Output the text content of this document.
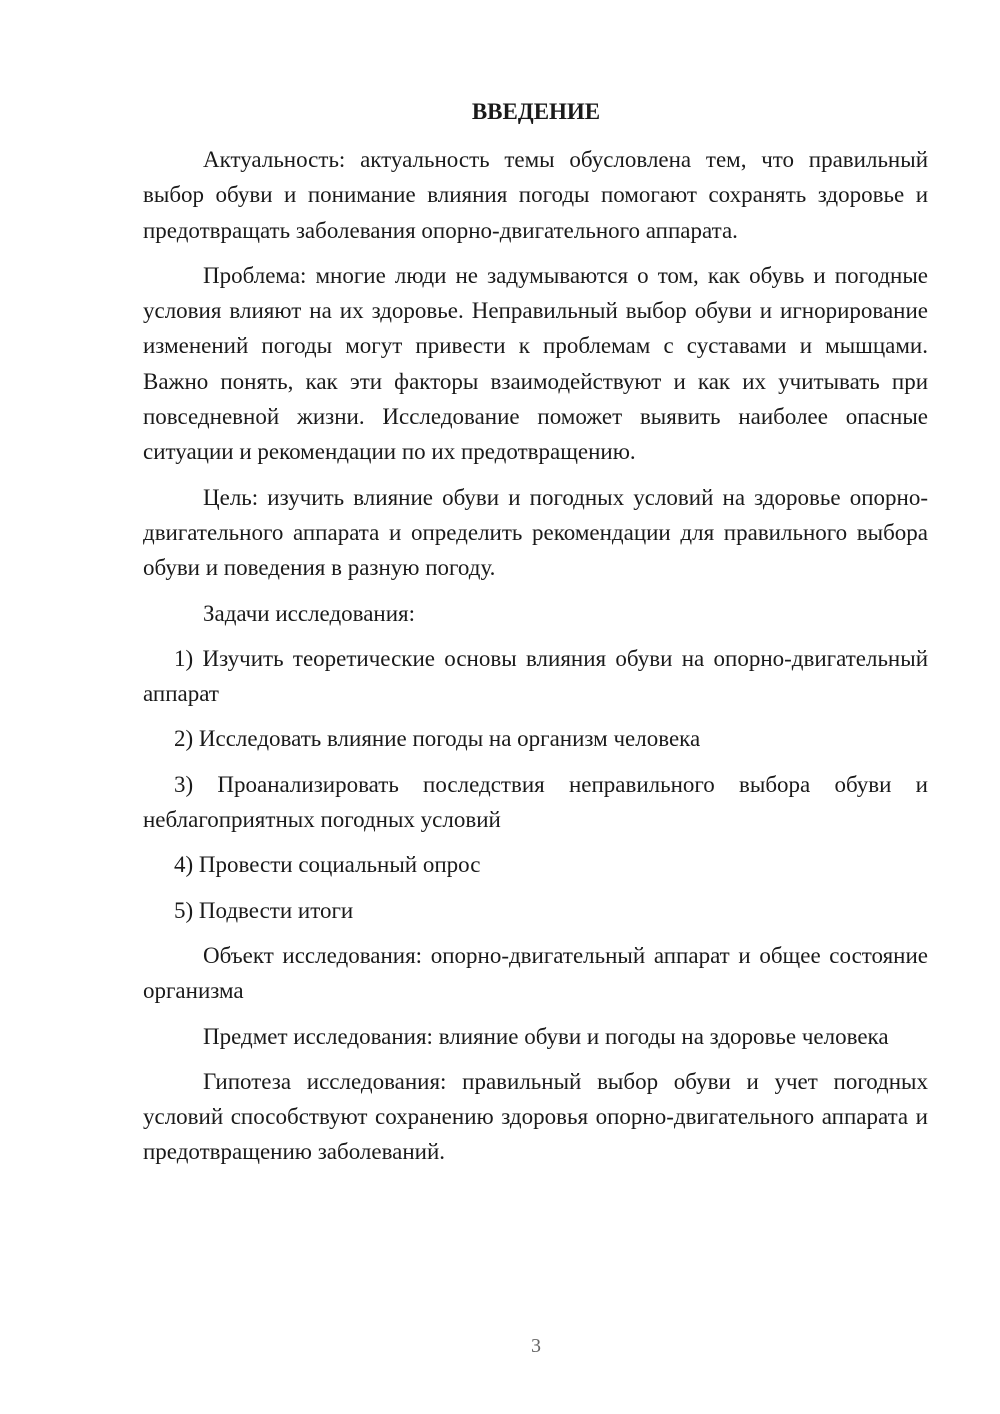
ВВЕДЕНИЕ

Актуальность: актуальность темы обусловлена тем, что правильный выбор обуви и понимание влияния погоды помогают сохранять здоровье и предотвращать заболевания опорно-двигательного аппарата.

Проблема: многие люди не задумываются о том, как обувь и погодные условия влияют на их здоровье. Неправильный выбор обуви и игнорирование изменений погоды могут привести к проблемам с суставами и мышцами. Важно понять, как эти факторы взаимодействуют и как их учитывать при повседневной жизни. Исследование поможет выявить наиболее опасные ситуации и рекомендации по их предотвращению.

Цель: изучить влияние обуви и погодных условий на здоровье опорно-двигательного аппарата и определить рекомендации для правильного выбора обуви и поведения в разную погоду.

Задачи исследования:

1) Изучить теоретические основы влияния обуви на опорно-двигательный аппарат

2) Исследовать влияние погоды на организм человека

3) Проанализировать последствия неправильного выбора обуви и неблагоприятных погодных условий

4) Провести социальный опрос

5) Подвести итоги

Объект исследования: опорно-двигательный аппарат и общее состояние организма

Предмет исследования: влияние обуви и погоды на здоровье человека

Гипотеза исследования: правильный выбор обуви и учет погодных условий способствуют сохранению здоровья опорно-двигательного аппарата и предотвращению заболеваний.

3
